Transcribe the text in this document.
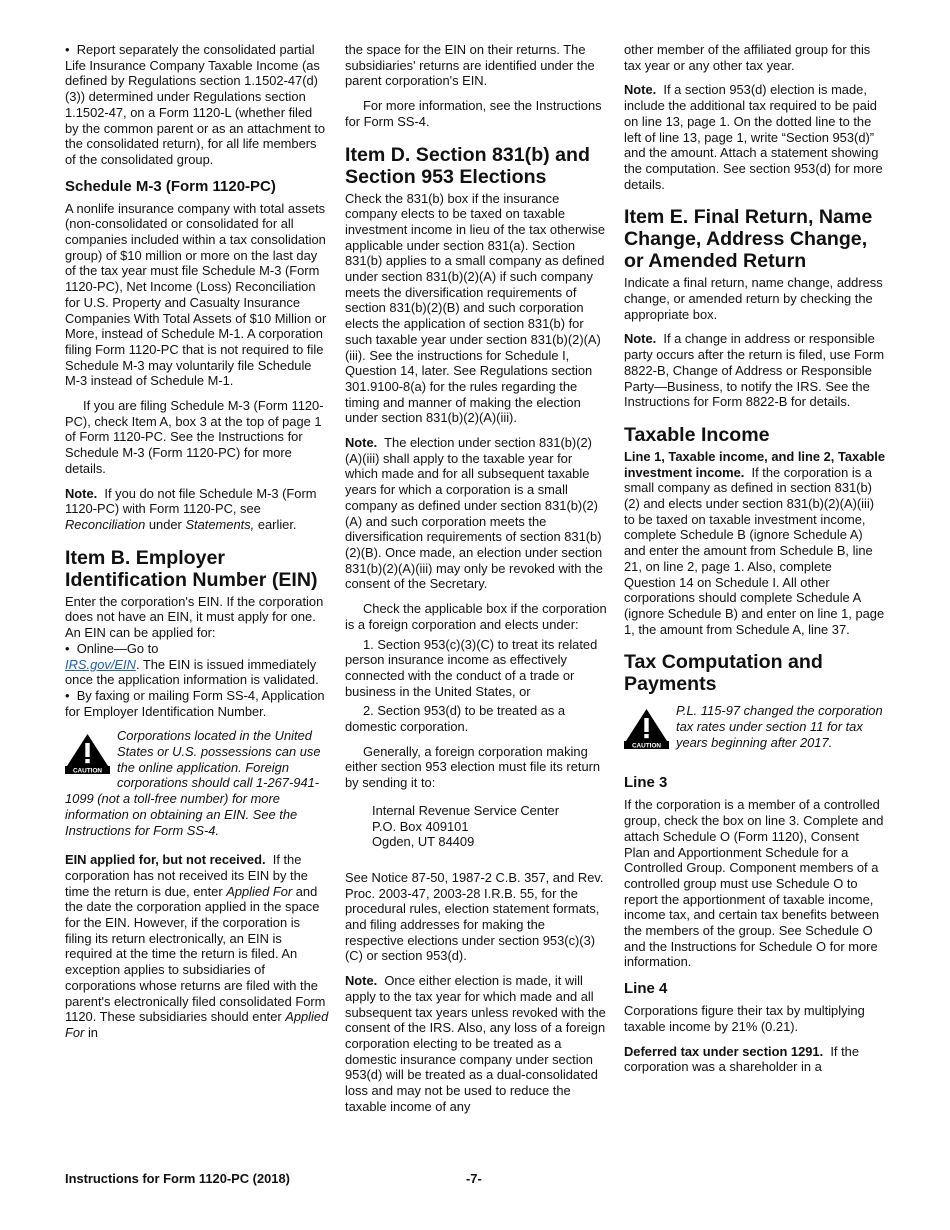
• Report separately the consolidated partial Life Insurance Company Taxable Income (as defined by Regulations section 1.1502-47(d)(3)) determined under Regulations section 1.1502-47, on a Form 1120-L (whether filed by the common parent or as an attachment to the consolidated return), for all life members of the consolidated group.

Schedule M-3 (Form 1120-PC)

A nonlife insurance company with total assets (non-consolidated or consolidated for all companies included within a tax consolidation group) of $10 million or more on the last day of the tax year must file Schedule M-3 (Form 1120-PC), Net Income (Loss) Reconciliation for U.S. Property and Casualty Insurance Companies With Total Assets of $10 Million or More, instead of Schedule M-1. A corporation filing Form 1120-PC that is not required to file Schedule M-3 may voluntarily file Schedule M-3 instead of Schedule M-1.

If you are filing Schedule M-3 (Form 1120-PC), check Item A, box 3 at the top of page 1 of Form 1120-PC. See the Instructions for Schedule M-3 (Form 1120-PC) for more details.

Note. If you do not file Schedule M-3 (Form 1120-PC) with Form 1120-PC, see Reconciliation under Statements, earlier.

Item B. Employer Identification Number (EIN)

Enter the corporation's EIN. If the corporation does not have an EIN, it must apply for one. An EIN can be applied for:

• Online—Go to
IRS.gov/EIN. The EIN is issued immediately once the application information is validated.
• By faxing or mailing Form SS-4, Application for Employer Identification Number.
CAUTION
Corporations located in the United States or U.S. possessions can use the online application. Foreign corporations should call 1-267-941-1099 (not a toll-free number) for more information on obtaining an EIN. See the Instructions for Form SS-4.

EIN applied for, but not received. If the corporation has not received its EIN by the time the return is due, enter Applied For and the date the corporation applied in the space for the EIN. However, if the corporation is filing its return electronically, an EIN is required at the time the return is filed. An exception applies to subsidiaries of corporations whose returns are filed with the parent's electronically filed consolidated Form 1120. These subsidiaries should enter Applied For in

the space for the EIN on their returns. The subsidiaries' returns are identified under the parent corporation's EIN.

For more information, see the Instructions for Form SS-4.

Item D. Section 831(b) and Section 953 Elections

Check the 831(b) box if the insurance company elects to be taxed on taxable investment income in lieu of the tax otherwise applicable under section 831(a). Section 831(b) applies to a small company as defined under section 831(b)(2)(A) if such company meets the diversification requirements of section 831(b)(2)(B) and such corporation elects the application of section 831(b) for such taxable year under section 831(b)(2)(A)(iii). See the instructions for Schedule I, Question 14, later. See Regulations section 301.9100-8(a) for the rules regarding the timing and manner of making the election under section 831(b)(2)(A)(iii).

Note. The election under section 831(b)(2)(A)(iii) shall apply to the taxable year for which made and for all subsequent taxable years for which a corporation is a small company as defined under section 831(b)(2)(A) and such corporation meets the diversification requirements of section 831(b)(2)(B). Once made, an election under section 831(b)(2)(A)(iii) may only be revoked with the consent of the Secretary.

Check the applicable box if the corporation is a foreign corporation and elects under:

1. Section 953(c)(3)(C) to treat its related person insurance income as effectively connected with the conduct of a trade or business in the United States, or

2. Section 953(d) to be treated as a domestic corporation.

Generally, a foreign corporation making either section 953 election must file its return by sending it to:

Internal Revenue Service Center
P.O. Box 409101
Ogden, UT 84409

See Notice 87-50, 1987-2 C.B. 357, and Rev. Proc. 2003-47, 2003-28 I.R.B. 55, for the procedural rules, election statement formats, and filing addresses for making the respective elections under section 953(c)(3)(C) or section 953(d).

Note. Once either election is made, it will apply to the tax year for which made and all subsequent tax years unless revoked with the consent of the IRS. Also, any loss of a foreign corporation electing to be treated as a domestic insurance company under section 953(d) will be treated as a dual-consolidated loss and may not be used to reduce the taxable income of any

other member of the affiliated group for this tax year or any other tax year.

Note. If a section 953(d) election is made, include the additional tax required to be paid on line 13, page 1. On the dotted line to the left of line 13, page 1, write “Section 953(d)” and the amount. Attach a statement showing the computation. See section 953(d) for more details.

Item E. Final Return, Name Change, Address Change, or Amended Return

Indicate a final return, name change, address change, or amended return by checking the appropriate box.

Note. If a change in address or responsible party occurs after the return is filed, use Form 8822-B, Change of Address or Responsible Party—Business, to notify the IRS. See the Instructions for Form 8822-B for details.

Taxable Income

Line 1, Taxable income, and line 2, Taxable investment income. If the corporation is a small company as defined in section 831(b)(2) and elects under section 831(b)(2)(A)(iii) to be taxed on taxable investment income, complete Schedule B (ignore Schedule A) and enter the amount from Schedule B, line 21, on line 2, page 1. Also, complete Question 14 on Schedule I. All other corporations should complete Schedule A (ignore Schedule B) and enter on line 1, page 1, the amount from Schedule A, line 37.

Tax Computation and Payments
CAUTION
P.L. 115-97 changed the corporation tax rates under section 11 for tax years beginning after 2017.
Line 3

If the corporation is a member of a controlled group, check the box on line 3. Complete and attach Schedule O (Form 1120), Consent Plan and Apportionment Schedule for a Controlled Group. Component members of a controlled group must use Schedule O to report the apportionment of taxable income, income tax, and certain tax benefits between the members of the group. See Schedule O and the Instructions for Schedule O for more information.

Line 4

Corporations figure their tax by multiplying taxable income by 21% (0.21).

Deferred tax under section 1291. If the corporation was a shareholder in a

Instructions for Form 1120-PC (2018)	-7-
